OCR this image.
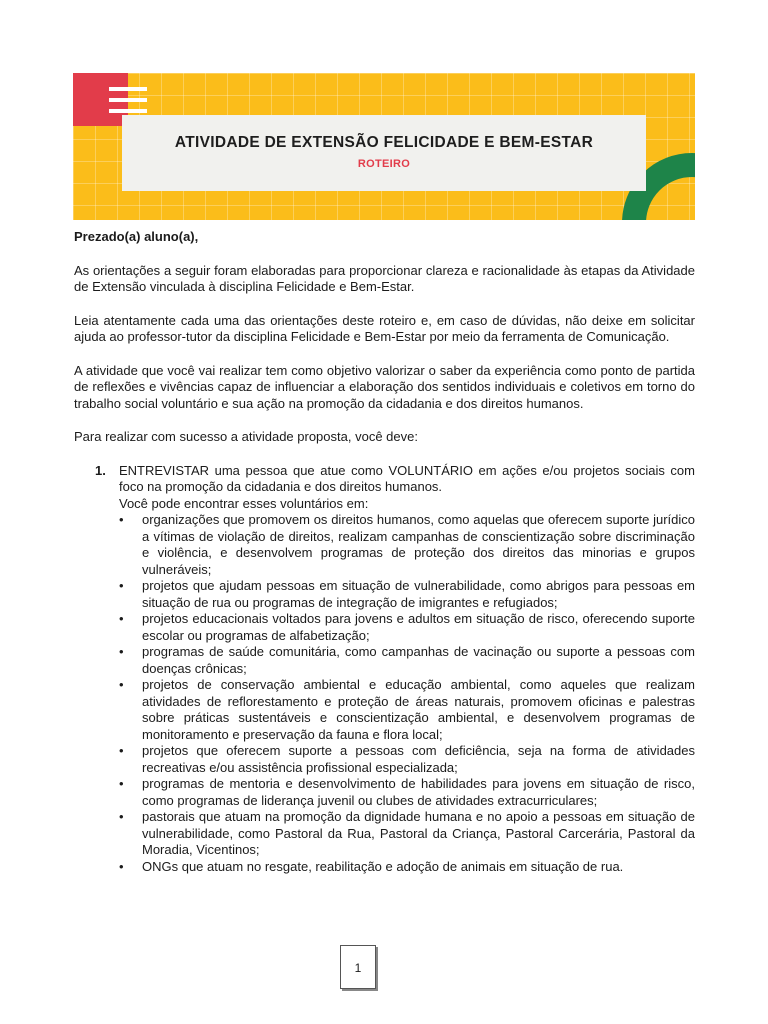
ATIVIDADE DE EXTENSÃO FELICIDADE E BEM-ESTAR
ROTEIRO

Prezado(a) aluno(a),

As orientações a seguir foram elaboradas para proporcionar clareza e racionalidade às etapas da Atividade de Extensão vinculada à disciplina Felicidade e Bem-Estar.

Leia atentamente cada uma das orientações deste roteiro e, em caso de dúvidas, não deixe em solicitar ajuda ao professor-tutor da disciplina Felicidade e Bem-Estar por meio da ferramenta de Comunicação.

A atividade que você vai realizar tem como objetivo valorizar o saber da experiência como ponto de partida de reflexões e vivências capaz de influenciar a elaboração dos sentidos individuais e coletivos em torno do trabalho social voluntário e sua ação na promoção da cidadania e dos direitos humanos.

Para realizar com sucesso a atividade proposta, você deve:

1. ENTREVISTAR uma pessoa que atue como VOLUNTÁRIO em ações e/ou projetos sociais com foco na promoção da cidadania e dos direitos humanos.

Você pode encontrar esses voluntários em:

• organizações que promovem os direitos humanos, como aquelas que oferecem suporte jurídico a vítimas de violação de direitos, realizam campanhas de conscientização sobre discriminação e violência, e desenvolvem programas de proteção dos direitos das minorias e grupos vulneráveis;
• projetos que ajudam pessoas em situação de vulnerabilidade, como abrigos para pessoas em situação de rua ou programas de integração de imigrantes e refugiados;
• projetos educacionais voltados para jovens e adultos em situação de risco, oferecendo suporte escolar ou programas de alfabetização;
• programas de saúde comunitária, como campanhas de vacinação ou suporte a pessoas com doenças crônicas;
• projetos de conservação ambiental e educação ambiental, como aqueles que realizam atividades de reflorestamento e proteção de áreas naturais, promovem oficinas e palestras sobre práticas sustentáveis e conscientização ambiental, e desenvolvem programas de monitoramento e preservação da fauna e flora local;
• projetos que oferecem suporte a pessoas com deficiência, seja na forma de atividades recreativas e/ou assistência profissional especializada;
• programas de mentoria e desenvolvimento de habilidades para jovens em situação de risco, como programas de liderança juvenil ou clubes de atividades extracurriculares;
• pastorais que atuam na promoção da dignidade humana e no apoio a pessoas em situação de vulnerabilidade, como Pastoral da Rua, Pastoral da Criança, Pastoral Carcerária, Pastoral da Moradia, Vicentinos;
• ONGs que atuam no resgate, reabilitação e adoção de animais em situação de rua.
1
